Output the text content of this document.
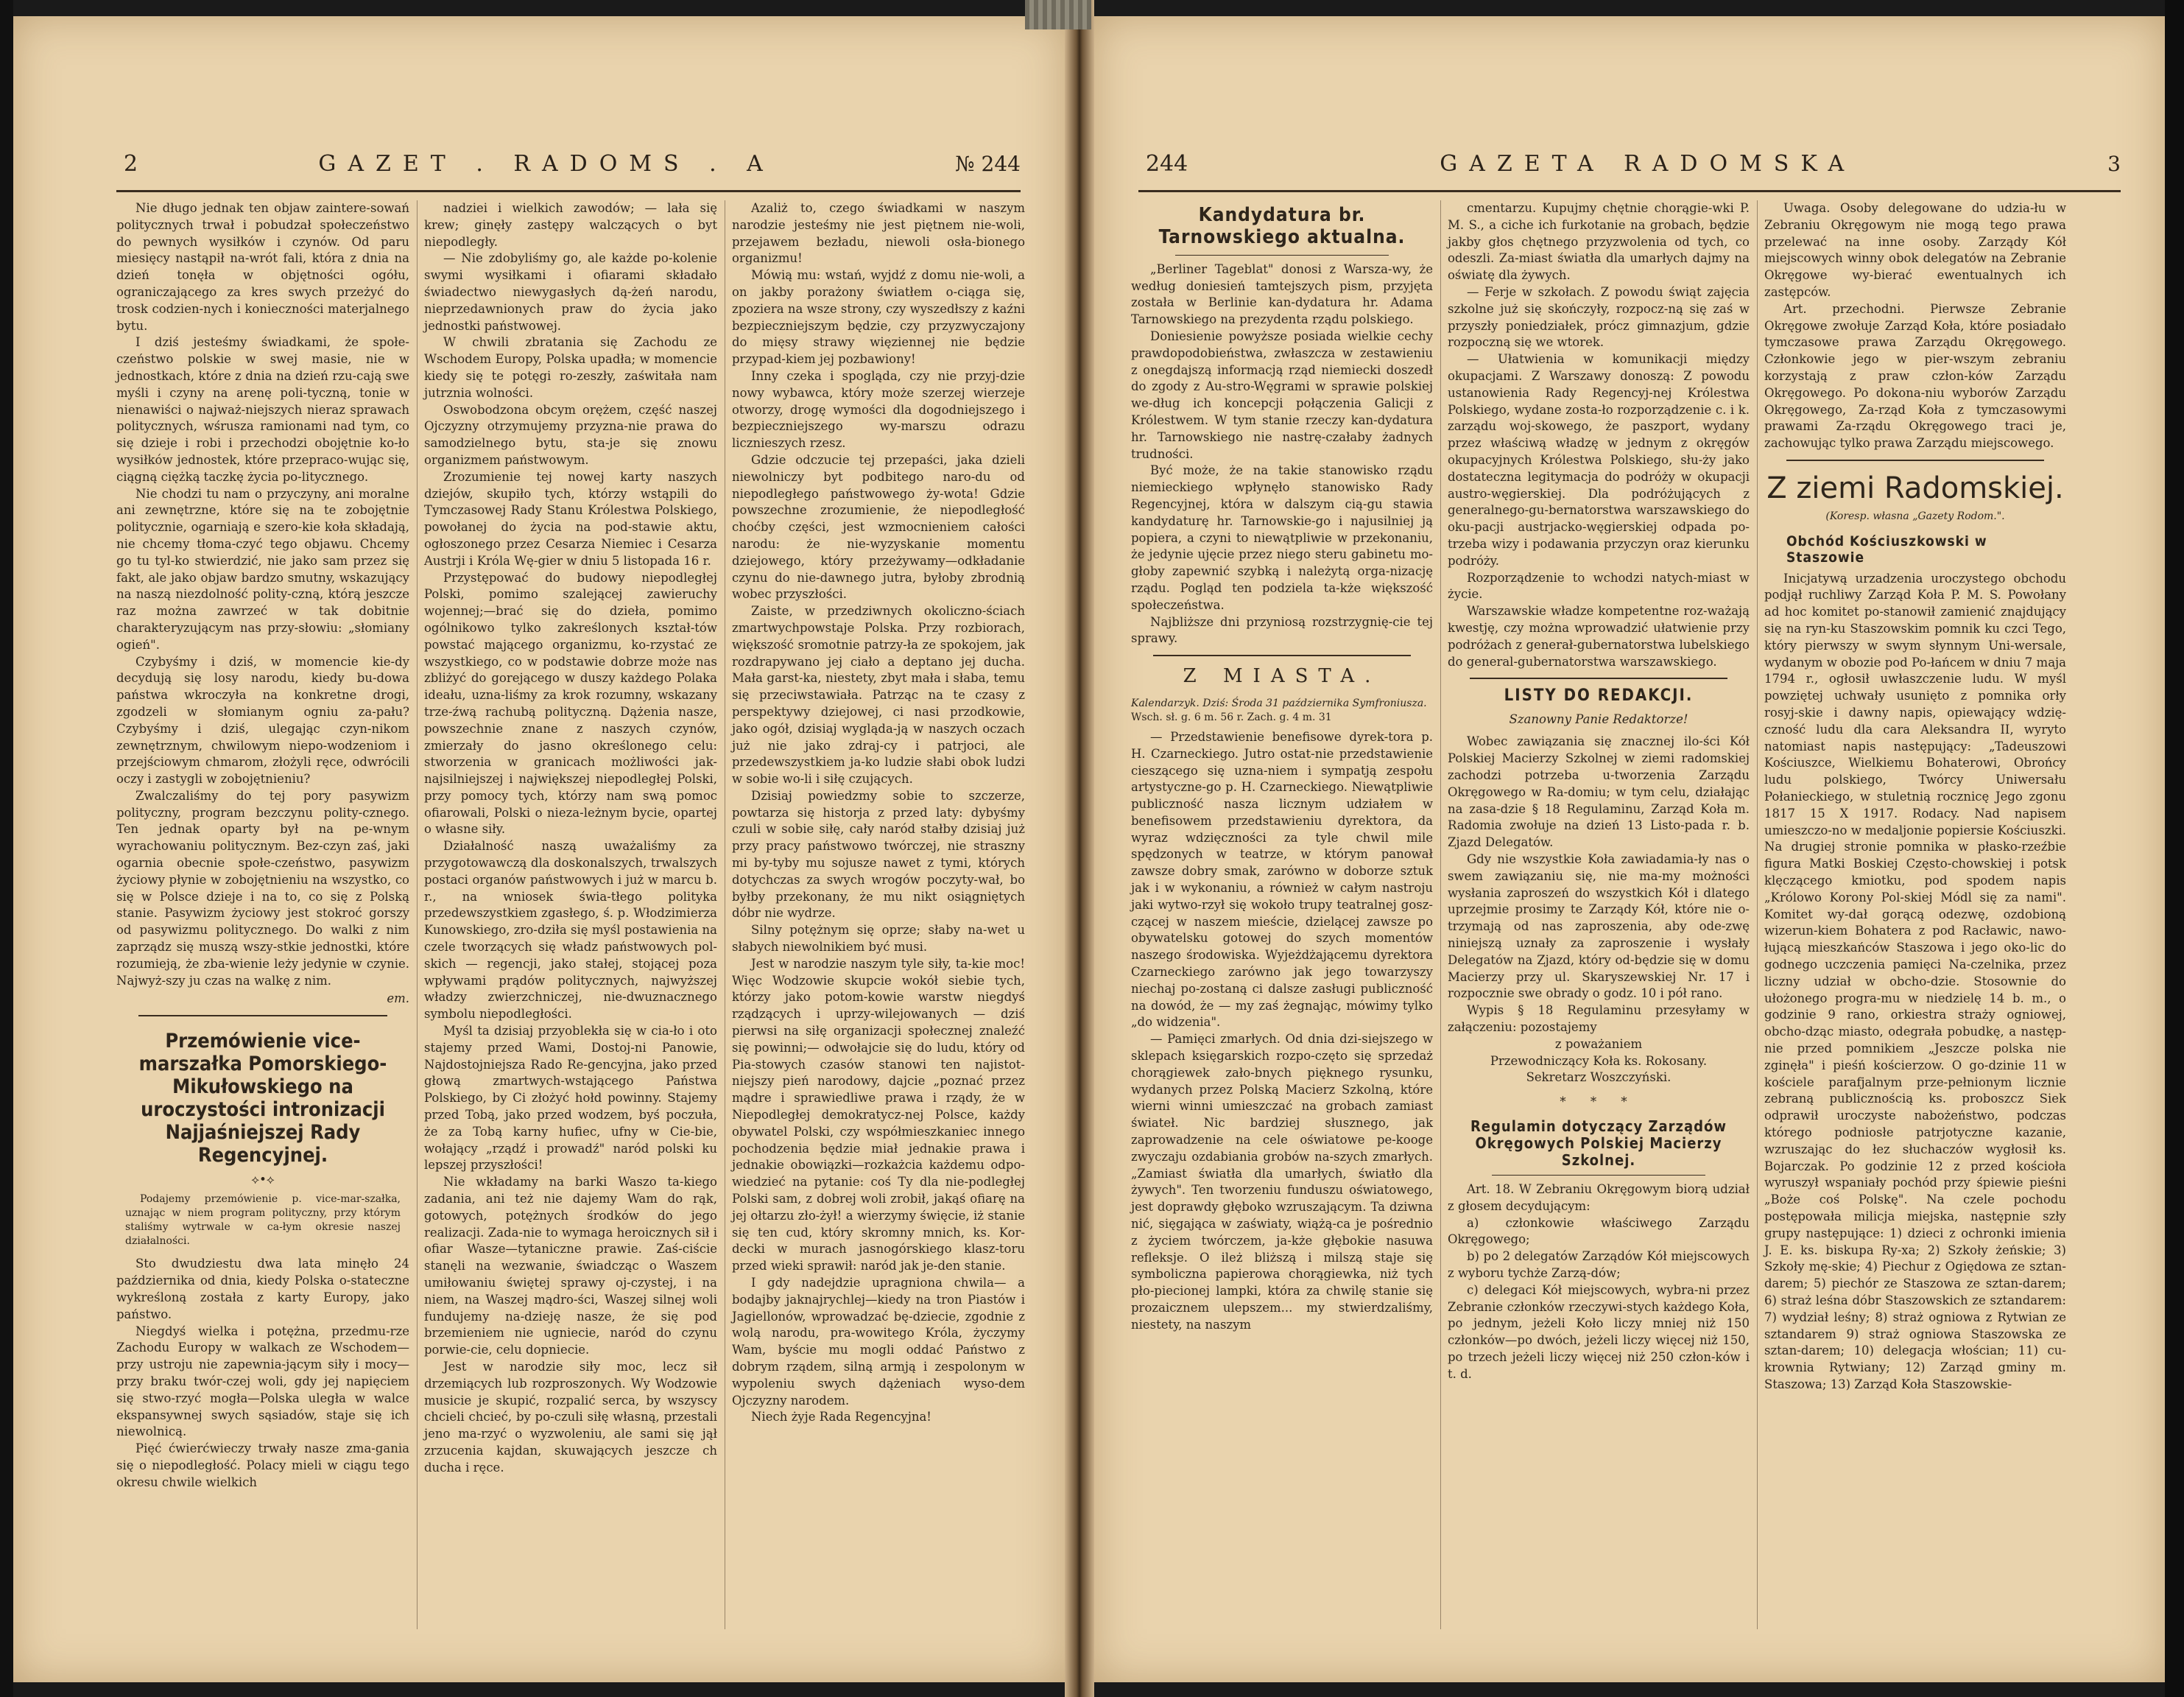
2	GAZET . RADOMS . A	№ 244

Nie długo jednak ten objaw zaintere-sowań politycznych trwał i pobudzał społeczeństwo do pewnych wysiłków i czynów. Od paru miesięcy nastąpił na-wrót fali, która z dnia na dzień tonęła w objętności ogółu, ograniczającego za kres swych przeżyć do trosk codzien-nych i konieczności materjalnego bytu.

I dziś jesteśmy świadkami, że społe-czeństwo polskie w swej masie, nie w jednostkach, które z dnia na dzień rzu-cają swe myśli i czyny na arenę poli-tyczną, tonie w nienawiści o najważ-niejszych nieraz sprawach politycznych, wśrusza ramionami nad tym, co się dzieje i robi i przechodzi obojętnie ko-ło wysiłków jednostek, które przepraco-wując się, ciągną ciężką taczkę życia po-litycznego.

Nie chodzi tu nam o przyczyny, ani moralne ani zewnętrzne, które się na te zobojętnie politycznie, ogarniają e szero-kie koła składają, nie chcemy tłoma-czyć tego objawu. Chcemy go tu tyl-ko stwierdzić, nie jako sam przez się fakt, ale jako objaw bardzo smutny, wskazujący na naszą niezdolność polity-czną, którą jeszcze raz można zawrzeć w tak dobitnie charakteryzującym nas przy-słowiu: „słomiany ogień".

Czybyśmy i dziś, w momencie kie-dy decydują się losy narodu, kiedy bu-dowa państwa wkroczyła na konkretne drogi, zgodzeli w słomianym ogniu za-pału? Czybyśmy i dziś, ulegając czyn-nikom zewnętrznym, chwilowym niepo-wodzeniom i przejściowym chmarom, złożyli ręce, odwrócili oczy i zastygli w zobojętnieniu?

Zwalczaliśmy do tej pory pasywizm polityczny, program bezczynu polity-cznego. Ten jednak oparty był na pe-wnym wyrachowaniu politycznym. Bez-czyn zaś, jaki ogarnia obecnie społe-czeństwo, pasywizm życiowy płynie w zobojętnieniu na wszystko, co się w Polsce dzieje i na to, co się z Polską stanie. Pasywizm życiowy jest stokroć gorszy od pasywizmu politycznego. Do walki z nim zaprządz się muszą wszy-stkie jednostki, które rozumieją, że zba-wienie leży jedynie w czynie. Najwyż-szy ju czas na walkę z nim.

em.
Przemówienie vice-marszałka Pomorskiego-Mikułowskiego na uroczystości intronizacji Najjaśniejszej Rady Regencyjnej.
⟡•⟡

Podajemy przemówienie p. vice-mar-szałka, uznając w niem program polityczny, przy którym staliśmy wytrwale w ca-łym okresie naszej działalności.

Sto dwudziestu dwa lata minęło 24 października od dnia, kiedy Polska o-stateczne wykreśloną została z karty Europy, jako państwo.

Niegdyś wielka i potężna, przedmu-rze Zachodu Europy w walkach ze Wschodem—przy ustroju nie zapewnia-jącym siły i mocy—przy braku twór-czej woli, gdy jej napięciem się stwo-rzyć mogła—Polska uległa w walce ekspansywnej swych sąsiadów, staje się ich niewolnicą.

Pięć ćwierćwieczy trwały nasze zma-gania się o niepodległość. Polacy mieli w ciągu tego okresu chwile wielkich

nadziei i wielkich zawodów; — lała się krew; ginęły zastępy walczących o byt niepodległy.

— Nie zdobyliśmy go, ale każde po-kolenie swymi wysiłkami i ofiarami składało świadectwo niewygasłych dą-żeń narodu, nieprzedawnionych praw do życia jako jednostki państwowej.

W chwili zbratania się Zachodu ze Wschodem Europy, Polska upadła; w momencie kiedy się te potęgi ro-zeszły, zaświtała nam jutrznia wolności.

Oswobodzona obcym orężem, część naszej Ojczyzny otrzymujemy przyzna-nie prawa do samodzielnego bytu, sta-je się znowu organizmem państwowym.

Zrozumienie tej nowej karty naszych dziejów, skupiło tych, którzy wstąpili do Tymczasowej Rady Stanu Królestwa Polskiego, powołanej do życia na pod-stawie aktu, ogłoszonego przez Cesarza Niemiec i Cesarza Austrji i Króla Wę-gier w dniu 5 listopada 16 r.

Przystępować do budowy niepodległej Polski, pomimo szalejącej zawieruchy wojennej;—brać się do dzieła, pomimo ogólnikowo tylko zakreślonych kształ-tów powstać mającego organizmu, ko-rzystać ze wszystkiego, co w podstawie dobrze może nas zbliżyć do gorejącego w duszy każdego Polaka ideału, uzna-liśmy za krok rozumny, wskazany trze-źwą rachubą polityczną. Dążenia nasze, powszechnie znane z naszych czynów, zmierzały do jasno określonego celu: stworzenia w granicach możliwości jak-najsilniejszej i największej niepodległej Polski, przy pomocy tych, którzy nam swą pomoc ofiarowali, Polski o nieza-leżnym bycie, opartej o własne siły.

Działalność naszą uważaliśmy za przygotowawczą dla doskonalszych, trwalszych postaci organów państwowych i już w marcu b. r., na wniosek świa-tłego polityka przedewszystkiem zgasłego, ś. p. Włodzimierza Kunowskiego, zro-dziła się myśl postawienia na czele tworzących się władz państwowych pol-skich — regencji, jako stałej, stojącej poza wpływami prądów politycznych, najwyższej władzy zwierzchniczej, nie-dwuznacznego symbolu niepodległości.

Myśl ta dzisiaj przyoblekła się w cia-ło i oto stajemy przed Wami, Dostoj-ni Panowie, Najdostojniejsza Rado Re-gencyjna, jako przed głową zmartwych-wstającego Państwa Polskiego, by Ci złożyć hołd powinny. Stajemy przed Tobą, jako przed wodzem, byś poczuła, że za Tobą karny hufiec, ufny w Cie-bie, wołający „rządź i prowadź" naród polski ku lepszej przyszłości!

Nie wkładamy na barki Waszo ta-kiego zadania, ani też nie dajemy Wam do rąk, gotowych, potężnych środków do jego realizacji. Zada-nie to wymaga heroicznych sił i ofiar Wasze—tytaniczne prawie. Zaś-ciście stanęli na wezwanie, świadcząc o Waszem umiłowaniu świętej sprawy oj-czystej, i na niem, na Waszej mądro-ści, Waszej silnej woli fundujemy na-dzieję nasze, że się pod brzemieniem nie ugniecie, naród do czynu porwie-cie, celu dopniecie.

Jest w narodzie siły moc, lecz sił drzemiących lub rozproszonych. Wy Wodzowie musicie je skupić, rozpalić serca, by wszyscy chcieli chcieć, by po-czuli siłę własną, przestali jeno ma-rzyć o wyzwoleniu, ale sami się jął zrzucenia kajdan, skuwających jeszcze ch ducha i ręce.

Azaliż to, czego świadkami w naszym narodzie jesteśmy nie jest piętnem nie-woli, przejawem bezładu, niewoli osła-bionego organizmu!

Mówią mu: wstań, wyjdź z domu nie-woli, a on jakby porażony światłem o-ciąga się, zpoziera na wsze strony, czy wyszedłszy z kaźni bezpieczniejszym będzie, czy przyzwyczajony do mięsy strawy więziennej nie będzie przypad-kiem jej pozbawiony!

Inny czeka i spogląda, czy nie przyj-dzie nowy wybawca, który może szerzej wierzeje otworzy, drogę wymości dla dogodniejszego i bezpieczniejszego wy-marszu odrazu licznieszych rzesz.

Gdzie odczucie tej przepaści, jaka dzieli niewolniczy byt podbitego naro-du od niepodległego państwowego ży-wota! Gdzie powszechne zrozumienie, że niepodległość choćby części, jest wzmocnieniem całości narodu: że nie-wyzyskanie momentu dziejowego, który przeżywamy—odkładanie czynu do nie-dawnego jutra, byłoby zbrodnią wobec przyszłości.

Zaiste, w przedziwnych okoliczno-ściach zmartwychpowstaje Polska. Przy rozbiorach, większość sromotnie patrzy-ła ze spokojem, jak rozdrapywano jej ciało a deptano jej ducha. Mała garst-ka, niestety, zbyt mała i słaba, temu się przeciwstawiała. Patrząc na te czasy z perspektywy dziejowej, ci nasi przodkowie, jako ogół, dzisiaj wygląda-ją w naszych oczach już nie jako zdraj-cy i patrjoci, ale przedewszystkiem ja-ko ludzie słabi obok ludzi w sobie wo-li i siłę czujących.

Dzisiaj powiedzmy sobie to szczerze, powtarza się historja z przed laty: dybyśmy czuli w sobie siłę, cały naród stałby dzisiaj już przy pracy państwowo twórczej, nie straszny mi by-tyby mu sojusze nawet z tymi, których dotychczas za swych wrogów poczyty-wał, bo byłby przekonany, że mu nikt osiągniętych dóbr nie wydrze.

Silny potężnym się oprze; słaby na-wet u słabych niewolnikiem być musi.

Jest w narodzie naszym tyle siły, ta-kie moc! Więc Wodzowie skupcie wokół siebie tych, którzy jako potom-kowie warstw niegdyś rządzących i uprzy-wilejowanych — dziś pierwsi na siłę organizacji społecznej znaleźć się powinni;— odwołajcie się do ludu, który od Pia-stowych czasów stanowi ten najistot-niejszy pień narodowy, dajcie „poznać przez mądre i sprawiedliwe prawa i rządy, że w Niepodległej demokratycz-nej Polsce, każdy obywatel Polski, czy współmieszkaniec innego pochodzenia będzie miał jednakie prawa i jednakie obowiązki—rozkażcia każdemu odpo-wiedzieć na pytanie: coś Ty dla nie-podległej Polski sam, z dobrej woli zrobił, jakąś ofiarę na jej ołtarzu zło-żył! a wierzymy święcie, iż stanie się ten cud, który skromny mnich, ks. Kor-decki w murach jasnogórskiego klasz-toru przed wieki sprawił: naród jak je-den stanie.

I gdy nadejdzie upragniona chwila— a bodajby jaknajrychlej—kiedy na tron Piastów i Jagiellonów, wprowadzać bę-dziecie, zgodnie z wolą narodu, pra-wowitego Króla, życzymy Wam, byście mu mogli oddać Państwo z dobrym rządem, silną armją i zespolonym w wypoleniu swych dążeniach wyso-dem Ojczyzny narodem.

Niech żyje Rada Regencyjna!

244	GAZETA RADOMSKA	3
Kandydatura br. Tarnowskiego aktualna.

„Berliner Tageblat" donosi z Warsza-wy, że według doniesień tamtejszych pism, przyjęta została w Berlinie kan-dydatura hr. Adama Tarnowskiego na prezydenta rządu polskiego.

Doniesienie powyższe posiada wielkie cechy prawdopodobieństwa, zwłaszcza w zestawieniu z onegdajszą informacją rząd niemiecki doszedł do zgody z Au-stro-Węgrami w sprawie polskiej we-dług ich koncepcji połączenia Galicji z Królestwem. W tym stanie rzeczy kan-dydatura hr. Tarnowskiego nie nastrę-czałaby żadnych trudności.

Być może, że na takie stanowisko rządu niemieckiego wpłynęło stanowisko Rady Regencyjnej, która w dalszym cią-gu stawia kandydaturę hr. Tarnowskie-go i najusilniej ją popiera, a czyni to niewątpliwie w przekonaniu, że jedynie ujęcie przez niego steru gabinetu mo-głoby zapewnić szybką i należytą orga-nizację rządu. Pogląd ten podziela ta-kże większość społeczeństwa.

Najbliższe dni przyniosą rozstrzygnię-cie tej sprawy.

Z MIASTA.

Kalendarzyk. Dziś: Środa 31 października Symfroniusza.

Wsch. sł. g. 6 m. 56 r. Zach. g. 4 m. 31

— Przedstawienie benefisowe dyrek-tora p. H. Czarneckiego. Jutro ostat-nie przedstawienie cieszącego się uzna-niem i sympatją zespołu artystyczne-go p. H. Czarneckiego. Niewątpliwie publiczność nasza licznym udziałem w benefisowem przedstawieniu dyrektora, da wyraz wdzięczności za tyle chwil mile spędzonych w teatrze, w którym panował zawsze dobry smak, zarówno w doborze sztuk jak i w wykonaniu, a również w całym nastroju jaki wytwo-rzył się wokoło trupy teatralnej gosz-czącej w naszem mieście, dzielącej zawsze po obywatelsku gotowej do szych momentów naszego środowiska. Wyjeżdżającemu dyrektora Czarneckiego zarówno jak jego towarzyszy niechaj po-zostaną ci dalsze zasługi publiczność na dowód, że — my zaś żegnając, mówimy tylko „do widzenia".

— Pamięci zmarłych. Od dnia dzi-siejszego w sklepach księgarskich rozpo-częto się sprzedaż chorągiewek zało-bnych pięknego rysunku, wydanych przez Polską Macierz Szkolną, które wierni winni umieszczać na grobach zamiast świateł. Nic bardziej słusznego, jak zaprowadzenie na cele oświatowe pe-kooge zwyczaju ozdabiania grobów na-szych zmarłych. „Zamiast światła dla umarłych, światło dla żywych". Ten tworzeniu funduszu oświatowego, jest doprawdy głęboko wzruszającym. Ta dziwna nić, sięgająca w zaświaty, wiążą-ca je pośrednio z życiem twórczem, ja-kże głębokie nasuwa refleksje. O ileż bliższą i milszą staje się symboliczna papierowa chorągiewka, niż tych pło-piecionej lampki, która za chwilę stanie się prozaicznem ulepszem... my stwierdzaliśmy, niestety, na naszym

cmentarzu. Kupujmy chętnie chorągie-wki P. M. S., a ciche ich furkotanie na grobach, będzie jakby głos chętnego przyzwolenia od tych, co odeszli. Za-miast światła dla umarłych dajmy na oświatę dla żywych.

— Ferje w szkołach. Z powodu świąt zajęcia szkolne już się skończyły, rozpocz-ną się zaś w przyszły poniedziałek, prócz gimnazjum, gdzie rozpoczną się we wtorek.

— Ułatwienia w komunikacji między okupacjami. Z Warszawy donoszą: Z powodu ustanowienia Rady Regencyj-nej Królestwa Polskiego, wydane zosta-ło rozporządzenie c. i k. zarządu woj-skowego, że paszport, wydany przez właściwą władzę w jednym z okręgów okupacyjnych Królestwa Polskiego, słu-ży jako dostateczna legitymacja do podróży w okupacji austro-węgierskiej. Dla podróżujących z generalnego-gu-bernatorstwa warszawskiego do oku-pacji austrjacko-węgierskiej odpada po-trzeba wizy i podawania przyczyn oraz kierunku podróży.

Rozporządzenie to wchodzi natych-miast w życie.

Warszawskie władze kompetentne roz-ważają kwestję, czy można wprowadzić ułatwienie przy podróżach z generał-gubernatorstwa lubelskiego do general-gubernatorstwa warszawskiego.

LISTY DO REDAKCJI.
Szanowny Panie Redaktorze!

Wobec zawiązania się znacznej ilo-ści Kół Polskiej Macierzy Szkolnej w ziemi radomskiej zachodzi potrzeba u-tworzenia Zarządu Okręgowego w Ra-domiu; w tym celu, działając na zasa-dzie § 18 Regulaminu, Zarząd Koła m. Radomia zwołuje na dzień 13 Listo-pada r. b. Zjazd Delegatów.

Gdy nie wszystkie Koła zawiadamia-ły nas o swem zawiązaniu się, nie ma-my możności wysłania zaproszeń do wszystkich Kół i dlatego uprzejmie prosimy te Zarządy Kół, które nie o-trzymają od nas zaproszenia, aby ode-zwę niniejszą uznały za zaproszenie i wysłały Delegatów na Zjazd, który od-będzie się w domu Macierzy przy ul. Skaryszewskiej Nr. 17 i rozpocznie swe obrady o godz. 10 i pół rano.

Wypis § 18 Regulaminu przesyłamy w załączeniu: pozostajemy

z poważaniem
Przewodniczący Koła ks. Rokosany.
Sekretarz Woszczyński.
* * *
Regulamin dotyczący Zarządów Okręgowych Polskiej Macierzy Szkolnej.

Art. 18. W Zebraniu Okręgowym biorą udział z głosem decydującym:

a) członkowie właściwego Zarządu Okręgowego;

b) po 2 delegatów Zarządów Kół miejscowych z wyboru tychże Zarzą-dów;

c) delegaci Kół miejscowych, wybra-ni przez Zebranie członków rzeczywi-stych każdego Koła, po jednym, jeżeli Koło liczy mniej niż 150 członków—po dwóch, jeżeli liczy więcej niż 150, po trzech jeżeli liczy więcej niż 250 człon-ków i t. d.

Uwaga. Osoby delegowane do udzia-łu w Zebraniu Okręgowym nie mogą tego prawa przelewać na inne osoby. Zarządy Kół miejscowych winny obok delegatów na Zebranie Okręgowe wy-bierać ewentualnych ich zastępców.

Art. przechodni. Pierwsze Zebranie Okręgowe zwołuje Zarząd Koła, które posiadało tymczasowe prawa Zarządu Okręgowego. Członkowie jego w pier-wszym zebraniu korzystają z praw człon-ków Zarządu Okręgowego. Po dokona-niu wyborów Zarządu Okręgowego, Za-rząd Koła z tymczasowymi prawami Za-rządu Okręgowego traci je, zachowując tylko prawa Zarządu miejscowego.

Z ziemi Radomskiej.
(Koresp. własna „Gazety Rodom.".
Obchód Kościuszkowski w Staszowie

Inicjatywą urzadzenia uroczystego obchodu podjął ruchliwy Zarząd Koła P. M. S. Powołany ad hoc komitet po-stanowił zamienić znajdujący się na ryn-ku Staszowskim pomnik ku czci Tego, który pierwszy w swym słynnym Uni-wersale, wydanym w obozie pod Po-łańcem w dniu 7 maja 1794 r., ogłosił uwłaszczenie ludu. W myśl powziętej uchwały usunięto z pomnika orły rosyj-skie i dawny napis, opiewający wdzię-czność ludu dla cara Aleksandra II, wyryto natomiast napis następujący: „Tadeuszowi Kościuszce, Wielkiemu Bohaterowi, Obrońcy ludu polskiego, Twórcy Uniwersału Połanieckiego, w stuletnią rocznicę Jego zgonu 1817 15 X 1917. Rodacy. Nad napisem umieszczo-no w medaljonie popiersie Kościuszki. Na drugiej stronie pomnika w płasko-rzeźbie figura Matki Boskiej Często-chowskiej i potsk klęczącego kmiotku, pod spodem napis „Królowo Korony Pol-skiej Módl się za nami". Komitet wy-dał gorącą odezwę, ozdobioną wizerun-kiem Bohatera z pod Racławic, nawo-łującą mieszkańców Staszowa i jego oko-lic do godnego uczczenia pamięci Na-czelnika, przez liczny udział w obcho-dzie. Stosownie do ułożonego progra-mu w niedzielę 14 b. m., o godzinie 9 rano, orkiestra straży ogniowej, obcho-dząc miasto, odegrała pobudkę, a następ-nie przed pomnikiem „Jeszcze polska nie zginęła" i pieśń kościerzow. O go-dzinie 11 w kościele parafjalnym prze-pełnionym licznie zebraną publicznością ks. proboszcz Siek odprawił uroczyste nabożeństwo, podczas którego podniosłe patrjotyczne kazanie, wzruszając do łez słuchaczów wygłosił ks. Bojarczak. Po godzinie 12 z przed kościoła wyruszył wspaniały pochód przy śpiewie pieśni „Boże coś Polskę". Na czele pochodu postępowała milicja miejska, następnie szły grupy następujące: 1) dzieci z ochronki imienia J. E. ks. biskupa Ry-xa; 2) Szkoły żeńskie; 3) Szkoły mę-skie; 4) Piechur z Ogiędowa ze sztan-darem; 5) piechór ze Staszowa ze sztan-darem; 6) straż leśna dóbr Staszowskich ze sztandarem: 7) wydział leśny; 8) straż ogniowa z Rytwian ze sztandarem 9) straż ogniowa Staszowska ze sztan-darem; 10) delegacja włościan; 11) cu-krownia Rytwiany; 12) Zarząd gminy m. Staszowa; 13) Zarząd Koła Staszowskie-
